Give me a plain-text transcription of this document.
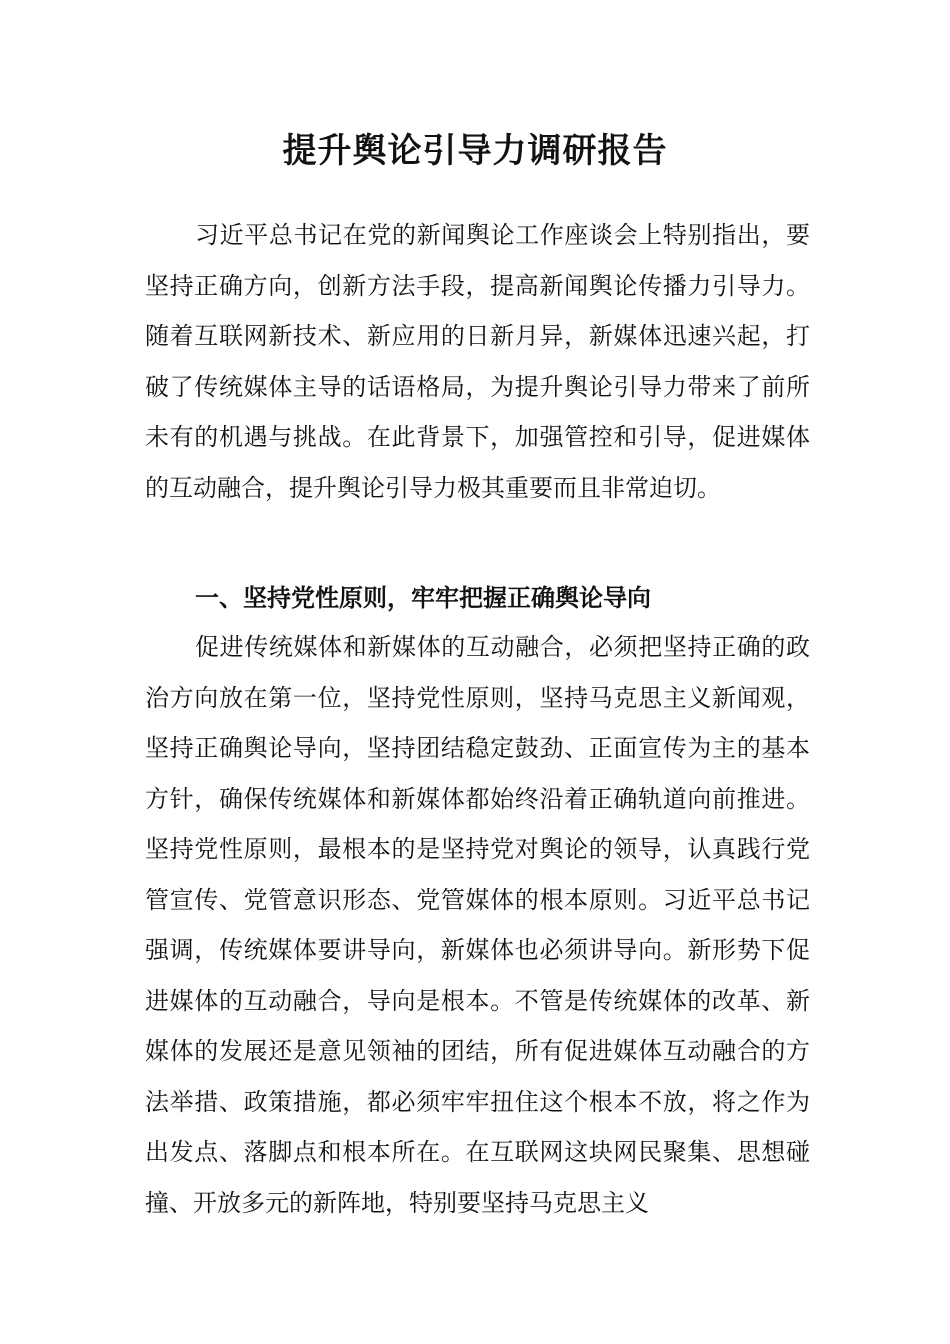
提升舆论引导力调研报告

习近平总书记在党的新闻舆论工作座谈会上特别指出，要坚持正确方向，创新方法手段，提高新闻舆论传播力引导力。随着互联网新技术、新应用的日新月异，新媒体迅速兴起，打破了传统媒体主导的话语格局，为提升舆论引导力带来了前所未有的机遇与挑战。在此背景下，加强管控和引导，促进媒体的互动融合，提升舆论引导力极其重要而且非常迫切。

一、坚持党性原则，牢牢把握正确舆论导向

促进传统媒体和新媒体的互动融合，必须把坚持正确的政治方向放在第一位，坚持党性原则，坚持马克思主义新闻观，坚持正确舆论导向，坚持团结稳定鼓劲、正面宣传为主的基本方针，确保传统媒体和新媒体都始终沿着正确轨道向前推进。坚持党性原则，最根本的是坚持党对舆论的领导，认真践行党管宣传、党管意识形态、党管媒体的根本原则。习近平总书记强调，传统媒体要讲导向，新媒体也必须讲导向。新形势下促进媒体的互动融合，导向是根本。不管是传统媒体的改革、新媒体的发展还是意见领袖的团结，所有促进媒体互动融合的方法举措、政策措施，都必须牢牢扭住这个根本不放，将之作为出发点、落脚点和根本所在。在互联网这块网民聚集、思想碰撞、开放多元的新阵地，特别要坚持马克思主义
